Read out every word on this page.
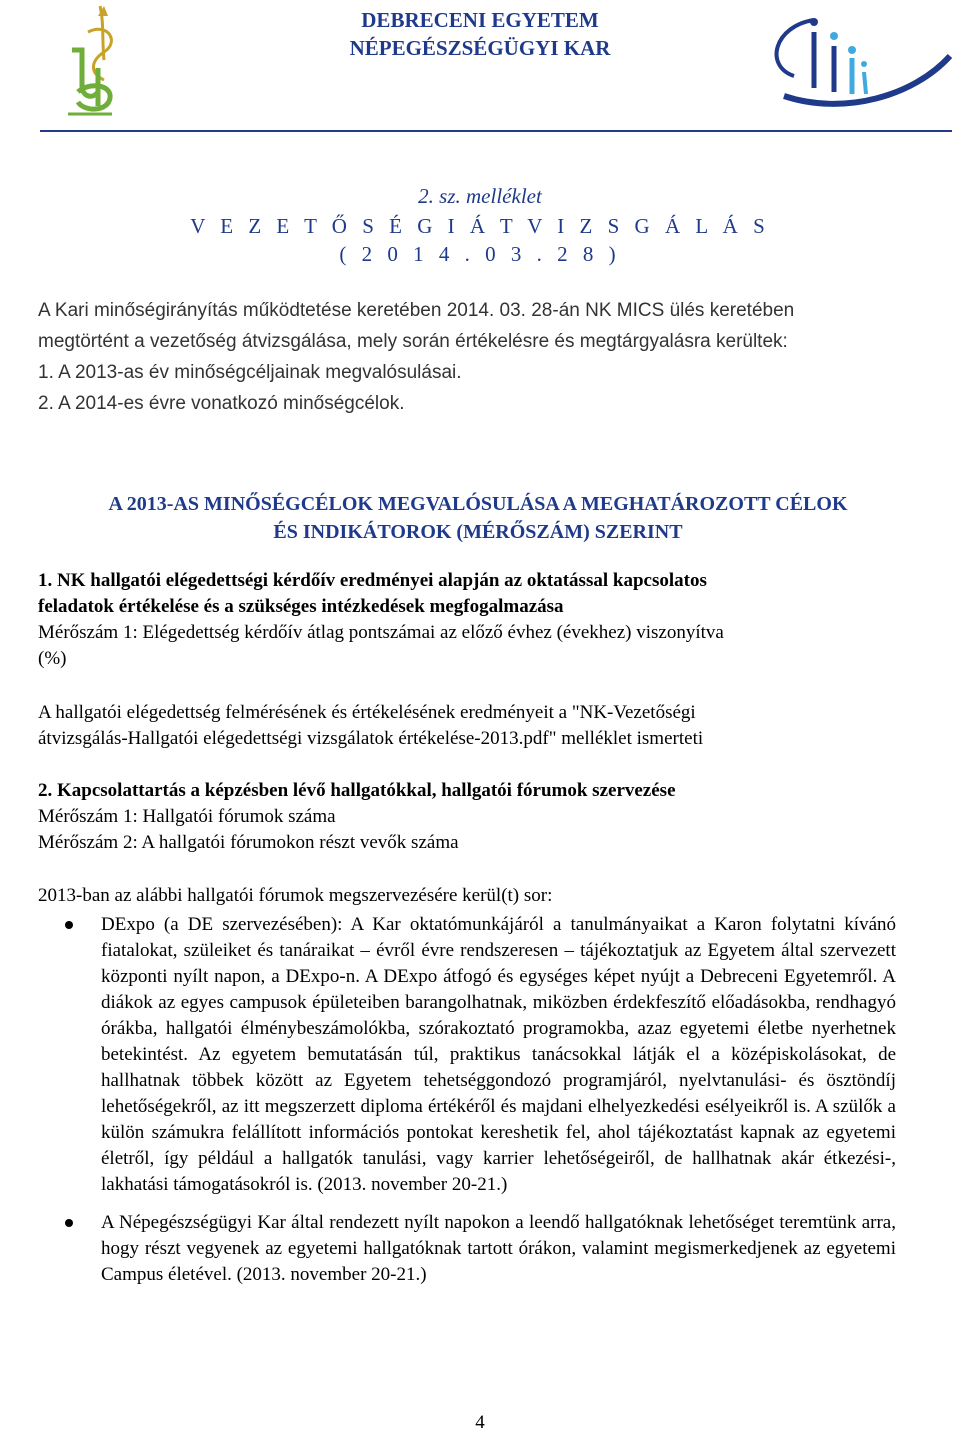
DEBRECENI EGYETEM
NÉPEGÉSZSÉGÜGYI KAR
2. sz. melléklet
V E Z E T Ő S É G I Á T V I Z S G Á L Á S
( 2 0 1 4 . 0 3 . 2 8 )

A Kari minőségirányítás működtetése keretében 2014. 03. 28-án NK MICS ülés keretében

megtörtént a vezetőség átvizsgálása, mely során értékelésre és megtárgyalásra kerültek:

1. A 2013-as év minőségcéljainak megvalósulásai.

2. A 2014-es évre vonatkozó minőségcélok.

A 2013-AS MINŐSÉGCÉLOK MEGVALÓSULÁSA A MEGHATÁROZOTT CÉLOK
ÉS INDIKÁTOROK (MÉRŐSZÁM) SZERINT

1. NK hallgatói elégedettségi kérdőív eredményei alapján az oktatással kapcsolatos

feladatok értékelése és a szükséges intézkedések megfogalmazása

Mérőszám 1: Elégedettség kérdőív átlag pontszámai az előző évhez (évekhez) viszonyítva

(%)

A hallgatói elégedettség felmérésének és értékelésének eredményeit a "NK-Vezetőségi

átvizsgálás-Hallgatói elégedettségi vizsgálatok értékelése-2013.pdf" melléklet ismerteti

2. Kapcsolattartás a képzésben lévő hallgatókkal, hallgatói fórumok szervezése

Mérőszám 1: Hallgatói fórumok száma

Mérőszám 2: A hallgatói fórumokon részt vevők száma

2013-ban az alábbi hallgatói fórumok megszervezésére kerül(t) sor:
DExpo (a DE szervezésében): A Kar oktatómunkájáról a tanulmányaikat a Karon folytatni kívánó fiatalokat, szüleiket és tanáraikat – évről évre rendszeresen – tájékoztatjuk az Egyetem által szervezett központi nyílt napon, a DExpo-n. A DExpo átfogó és egységes képet nyújt a Debreceni Egyetemről. A diákok az egyes campusok épületeiben barangolhatnak, miközben érdekfeszítő előadásokba, rendhagyó órákba, hallgatói élménybeszámolókba, szórakoztató programokba, azaz egyetemi életbe nyerhetnek betekintést. Az egyetem bemutatásán túl, praktikus tanácsokkal látják el a középiskolásokat, de hallhatnak többek között az Egyetem tehetséggondozó programjáról, nyelvtanulási- és ösztöndíj lehetőségekről, az itt megszerzett diploma értékéről és majdani elhelyezkedési esélyeikről is. A szülők a külön számukra felállított információs pontokat kereshetik fel, ahol tájékoztatást kapnak az egyetemi életről, így például a hallgatók tanulási, vagy karrier lehetőségeiről, de hallhatnak akár étkezési-, lakhatási támogatásokról is. (2013. november 20-21.)
A Népegészségügyi Kar által rendezett nyílt napokon a leendő hallgatóknak lehetőséget teremtünk arra, hogy részt vegyenek az egyetemi hallgatóknak tartott órákon, valamint megismerkedjenek az egyetemi Campus életével. (2013. november 20-21.)
4
